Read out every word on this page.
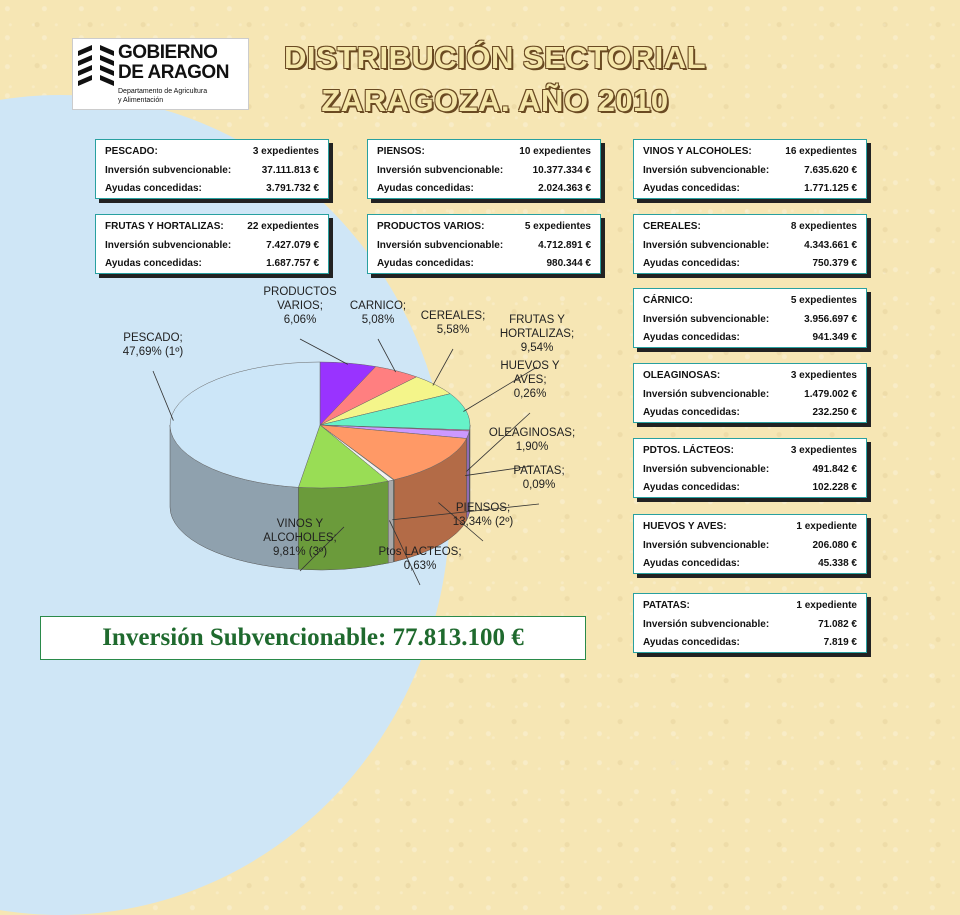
GOBIERNO
DE ARAGON
Departamento de Agricultura
y Alimentación
DISTRIBUCIÓN SECTORIAL
ZARAGOZA. AÑO 2010
PRODUCTOS
VARIOS;
6,06%
CARNICO;
5,08% CEREALES;
5,58%
FRUTAS Y
HORTALIZAS;
9,54%
HUEVOS Y
AVES;
0,26%
OLEAGINOSAS;
1,90%
PIENSOS;
13,34% (2º)
PATATAS;
0,09%
Ptos LACTEOS;
0,63%
VINOS Y
ALCOHOLES;
9,81% (3º)
PESCADO;
47,69% (1º)
PESCADO:	3 expedientes
Inversión subvencionable:	37.111.813 €
Ayudas concedidas:	3.791.732 €
PIENSOS:	10 expedientes
Inversión subvencionable:	10.377.334 €
Ayudas concedidas:	2.024.363 €
VINOS Y ALCOHOLES:	16 expedientes
Inversión subvencionable:	7.635.620 €
Ayudas concedidas:	1.771.125 €
FRUTAS Y HORTALIZAS: 22 expedientes
Inversión subvencionable:	7.427.079 €
Ayudas concedidas:	1.687.757 €
PRODUCTOS VARIOS:	5 expedientes
Inversión subvencionable:	4.712.891 €
Ayudas concedidas:	980.344 €
CEREALES:	8 expedientes
Inversión subvencionable:	4.343.661 €
Ayudas concedidas:	750.379 €
CÁRNICO:	5 expedientes
Inversión subvencionable:	3.956.697 €
Ayudas concedidas:	941.349 €
OLEAGINOSAS:	3 expedientes
Inversión subvencionable:	1.479.002 €
Ayudas concedidas:	232.250 €
PDTOS. LÁCTEOS:	3 expedientes
Inversión subvencionable:	491.842 €
Ayudas concedidas:	102.228 €
HUEVOS Y AVES:	1 expediente
Inversión subvencionable:	206.080 €
Ayudas concedidas:	45.338 €
PATATAS:	1 expediente
Inversión subvencionable:	71.082 €
Ayudas concedidas:	7.819 €
Inversión Subvencionable: 77.813.100 €
